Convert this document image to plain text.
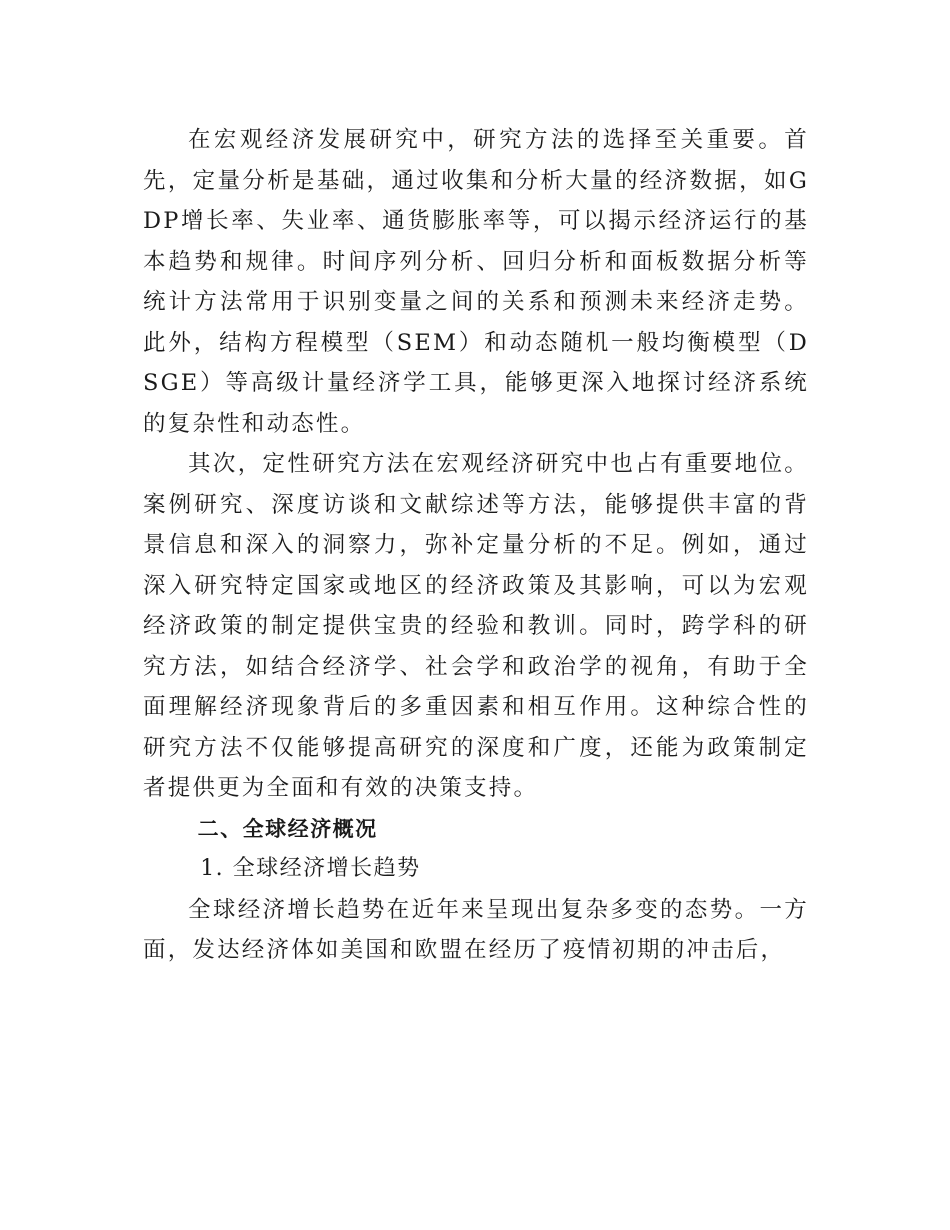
在宏观经济发展研究中，研究方法的选择至关重要。首先，定量分析是基础，通过收集和分析大量的经济数据，如GDP增长率、失业率、通货膨胀率等，可以揭示经济运行的基本趋势和规律。时间序列分析、回归分析和面板数据分析等统计方法常用于识别变量之间的关系和预测未来经济走势。此外，结构方程模型（SEM）和动态随机一般均衡模型（DSGE）等高级计量经济学工具，能够更深入地探讨经济系统的复杂性和动态性。

其次，定性研究方法在宏观经济研究中也占有重要地位。案例研究、深度访谈和文献综述等方法，能够提供丰富的背景信息和深入的洞察力，弥补定量分析的不足。例如，通过深入研究特定国家或地区的经济政策及其影响，可以为宏观经济政策的制定提供宝贵的经验和教训。同时，跨学科的研究方法，如结合经济学、社会学和政治学的视角，有助于全面理解经济现象背后的多重因素和相互作用。这种综合性的研究方法不仅能够提高研究的深度和广度，还能为政策制定者提供更为全面和有效的决策支持。

二、全球经济概况

1. 全球经济增长趋势

全球经济增长趋势在近年来呈现出复杂多变的态势。一方面，发达经济体如美国和欧盟在经历了疫情初期的冲击后，
